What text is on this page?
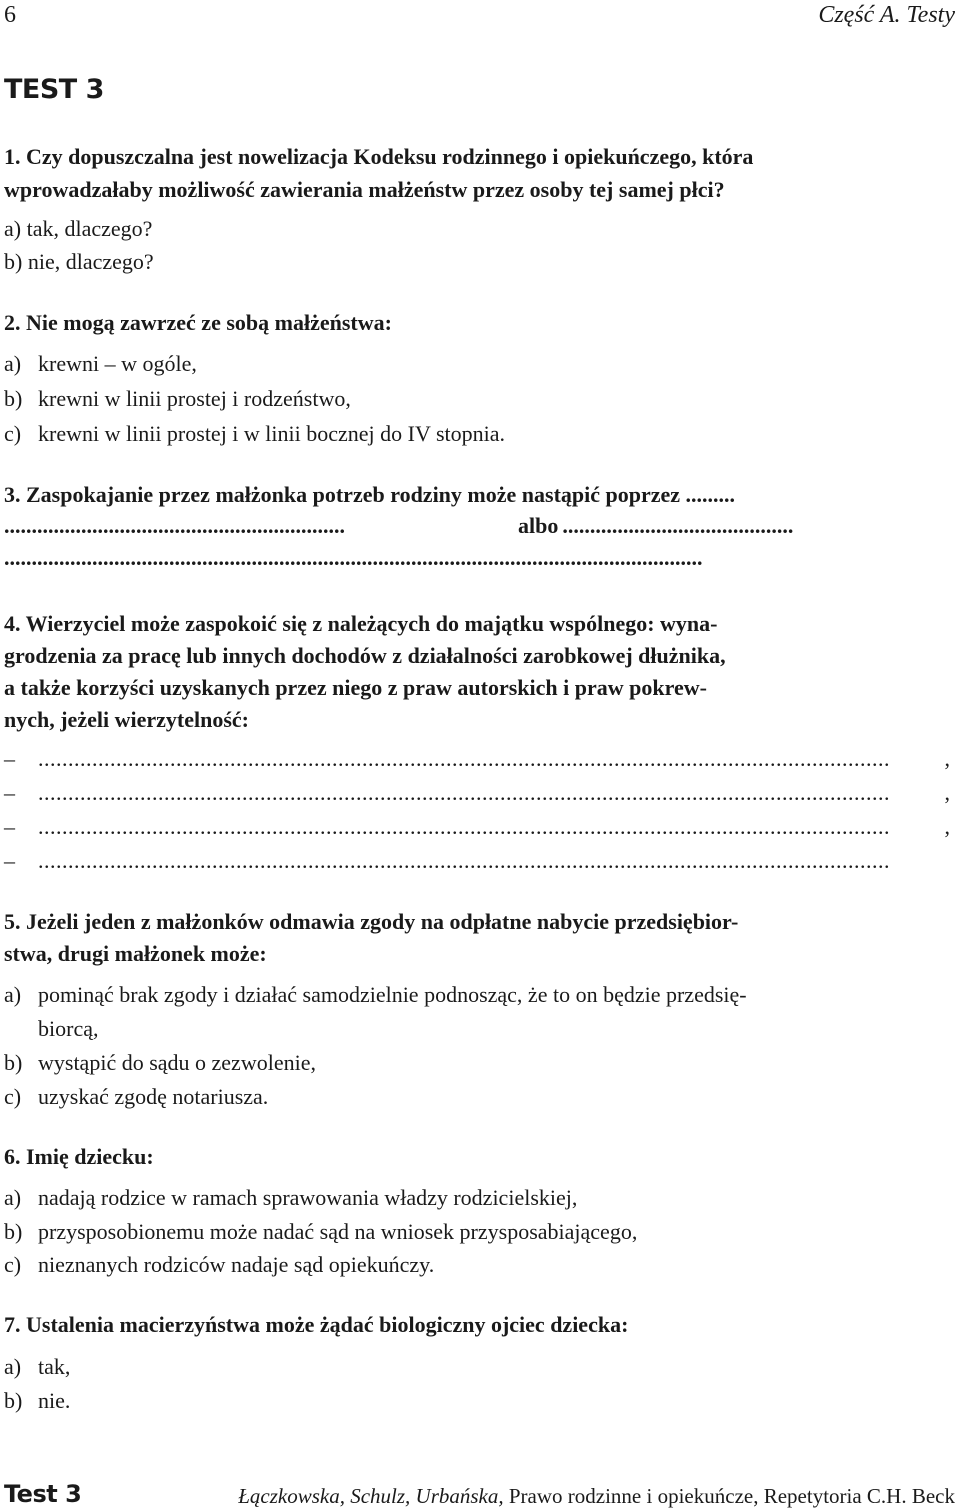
6	Część A. Testy
TEST 3
1. Czy dopuszczalna jest nowelizacja Kodeksu rodzinnego i opiekuńczego, która
wprowadzałaby możliwość zawierania małżeństw przez osoby tej samej płci?
a) tak, dlaczego?
b) nie, dlaczego?
2. Nie mogą zawrzeć ze sobą małżeństwa:
a) krewni – w ogóle,
b) krewni w linii prostej i rodzeństwo,
c) krewni w linii prostej i w linii bocznej do IV stopnia.
3. Zaspokajanie przez małżonka potrzeb rodziny może nastąpić poprzez .........
..............................................................	albo ..........................................
...............................................................................................................................
4. Wierzyciel może zaspokoić się z należących do majątku wspólnego: wyna-
grodzenia za pracę lub innych dochodów z działalności zarobkowej dłużnika,
a także korzyści uzyskanych przez niego z praw autorskich i praw pokrew-
nych, jeżeli wierzytelność:
–	..............................................................................................................................................	,
–	..............................................................................................................................................	,
–	..............................................................................................................................................	,
–	..............................................................................................................................................
5. Jeżeli jeden z małżonków odmawia zgody na odpłatne nabycie przedsiębior-
stwa, drugi małżonek może:
a) pominąć brak zgody i działać samodzielnie podnosząc, że to on będzie przedsię-
biorcą,
b) wystąpić do sądu o zezwolenie,
c) uzyskać zgodę notariusza.
6. Imię dziecku:
a) nadają rodzice w ramach sprawowania władzy rodzicielskiej,
b) przysposobionemu może nadać sąd na wniosek przysposabiającego,
c) nieznanych rodziców nadaje sąd opiekuńczy.
7. Ustalenia macierzyństwa może żądać biologiczny ojciec dziecka:
a) tak,
b) nie.
Test 3	Łączkowska, Schulz, Urbańska, Prawo rodzinne i opiekuńcze, Repetytoria C.H. Beck
